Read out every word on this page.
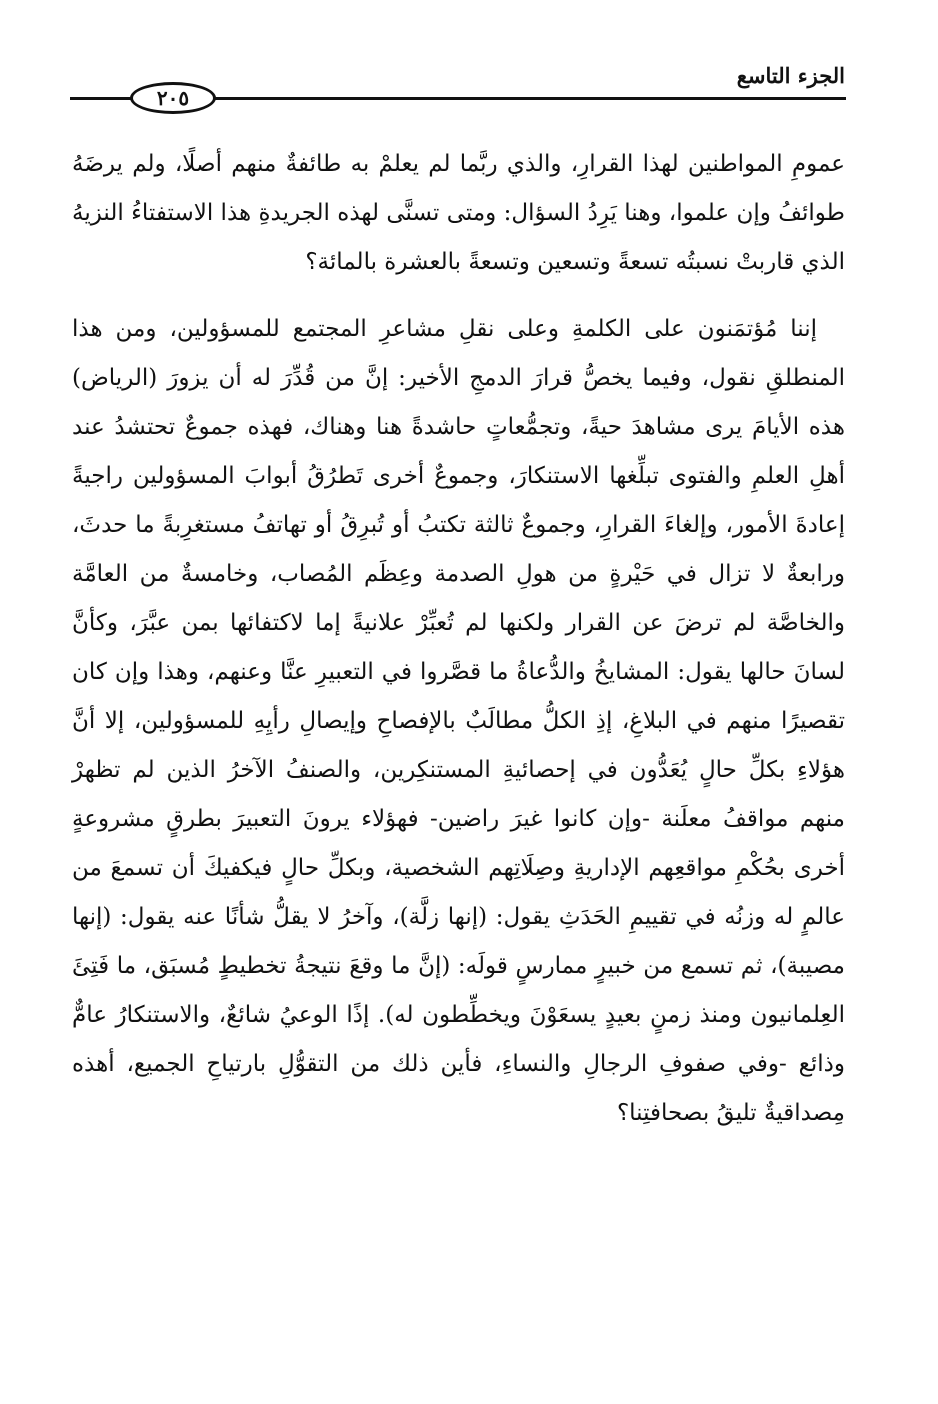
الجزء التاسع
٢٠٥

عمومِ المواطنين لهذا القرارِ، والذي ربَّما لم يعلمْ به طائفةٌ منهم أصلًا، ولم يرضَهُ طوائفُ وإن علموا، وهنا يَرِدُ السؤال: ومتى تسنَّى لهذه الجريدةِ هذا الاستفتاءُ النزيهُ الذي قاربتْ نسبتُه تسعةً وتسعين وتسعةً بالعشرة بالمائة؟

إننا مُؤتمَنون على الكلمةِ وعلى نقلِ مشاعرِ المجتمع للمسؤولين، ومن هذا المنطلقِ نقول، وفيما يخصُّ قرارَ الدمجِ الأخير: إنَّ من قُدِّرَ له أن يزورَ (الرياض) هذه الأيامَ يرى مشاهدَ حيةً، وتجمُّعاتٍ حاشدةً هنا وهناك، فهذه جموعٌ تحتشدُ عند أهلِ العلمِ والفتوى تبلِّغها الاستنكارَ، وجموعٌ أخرى تَطرُقُ أبوابَ المسؤولين راجيةً إعادةَ الأمور، وإلغاءَ القرارِ، وجموعٌ ثالثة تكتبُ أو تُبرِقُ أو تهاتفُ مستغرِبةً ما حدثَ، ورابعةٌ لا تزال في حَيْرةٍ من هولِ الصدمة وعِظَم المُصاب، وخامسةٌ من العامَّة والخاصَّة لم ترضَ عن القرار ولكنها لم تُعبِّرْ علانيةً إما لاكتفائها بمن عبَّرَ، وكأنَّ لسانَ حالها يقول: المشايخُ والدُّعاةُ ما قصَّروا في التعبيرِ عنَّا وعنهم، وهذا وإن كان تقصيرًا منهم في البلاغِ، إذِ الكلُّ مطالَبٌ بالإفصاحِ وإيصالِ رأيِهِ للمسؤولين، إلا أنَّ هؤلاءِ بكلِّ حالٍ يُعَدُّون في إحصائيةِ المستنكِرين، والصنفُ الآخرُ الذين لم تظهرْ منهم مواقفُ معلَنة -وإن كانوا غيرَ راضين- فهؤلاء يرونَ التعبيرَ بطرقٍ مشروعةٍ أخرى بحُكْمِ مواقعِهم الإداريةِ وصِلَاتِهم الشخصية، وبكلِّ حالٍ فيكفيكَ أن تسمعَ من عالمٍ له وزنُه في تقييمِ الحَدَثِ يقول: (إنها زلَّة)، وآخرُ لا يقلُّ شأنًا عنه يقول: (إنها مصيبة)، ثم تسمع من خبيرٍ ممارسٍ قولَه: (إنَّ ما وقعَ نتيجةُ تخطيطٍ مُسبَق، ما فَتِئَ العِلمانيون ومنذ زمنٍ بعيدٍ يسعَوْنَ ويخطِّطون له). إذًا الوعيُ شائعٌ، والاستنكارُ عامٌّ وذائع -وفي صفوفِ الرجالِ والنساءِ، فأين ذلك من التقوُّلِ بارتياحِ الجميع، أهذه مِصداقيةٌ تليقُ بصحافتِنا؟
